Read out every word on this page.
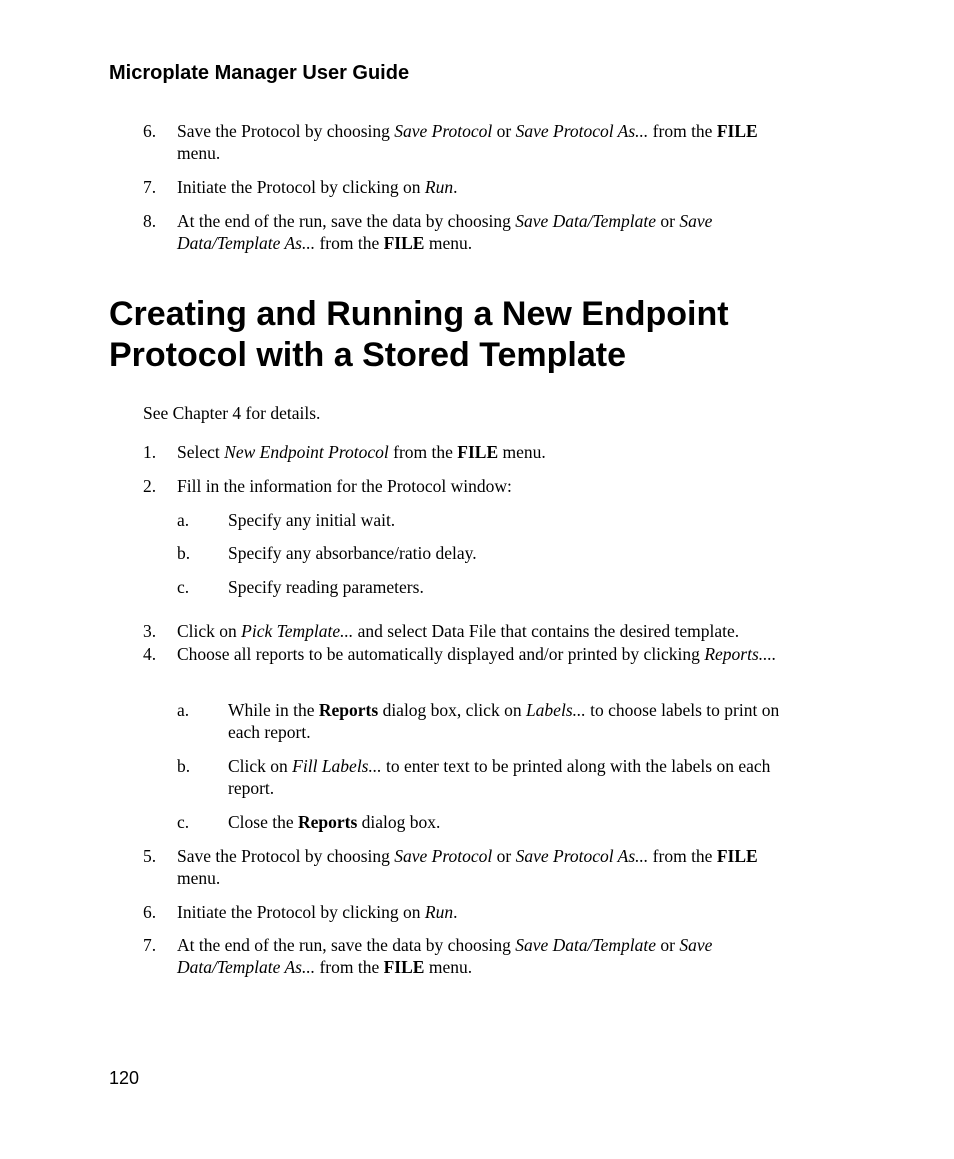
Microplate Manager User Guide
6. Save the Protocol by choosing Save Protocol or Save Protocol As... from the FILE menu.
7. Initiate the Protocol by clicking on Run.
8. At the end of the run, save the data by choosing Save Data/Template or Save Data/Template As... from the FILE menu.
Creating and Running a New Endpoint Protocol with a Stored Template
See Chapter 4 for details.
1. Select New Endpoint Protocol from the FILE menu.
2. Fill in the information for the Protocol window:
a. Specify any initial wait.
b. Specify any absorbance/ratio delay.
c. Specify reading parameters.
3. Click on Pick Template... and select Data File that contains the desired template.
4. Choose all reports to be automatically displayed and/or printed by clicking Reports....
a. While in the Reports dialog box, click on Labels... to choose labels to print on each report.
b. Click on Fill Labels... to enter text to be printed along with the labels on each report.
c. Close the Reports dialog box.
5. Save the Protocol by choosing Save Protocol or Save Protocol As... from the FILE menu.
6. Initiate the Protocol by clicking on Run.
7. At the end of the run, save the data by choosing Save Data/Template or Save Data/Template As... from the FILE menu.
120
